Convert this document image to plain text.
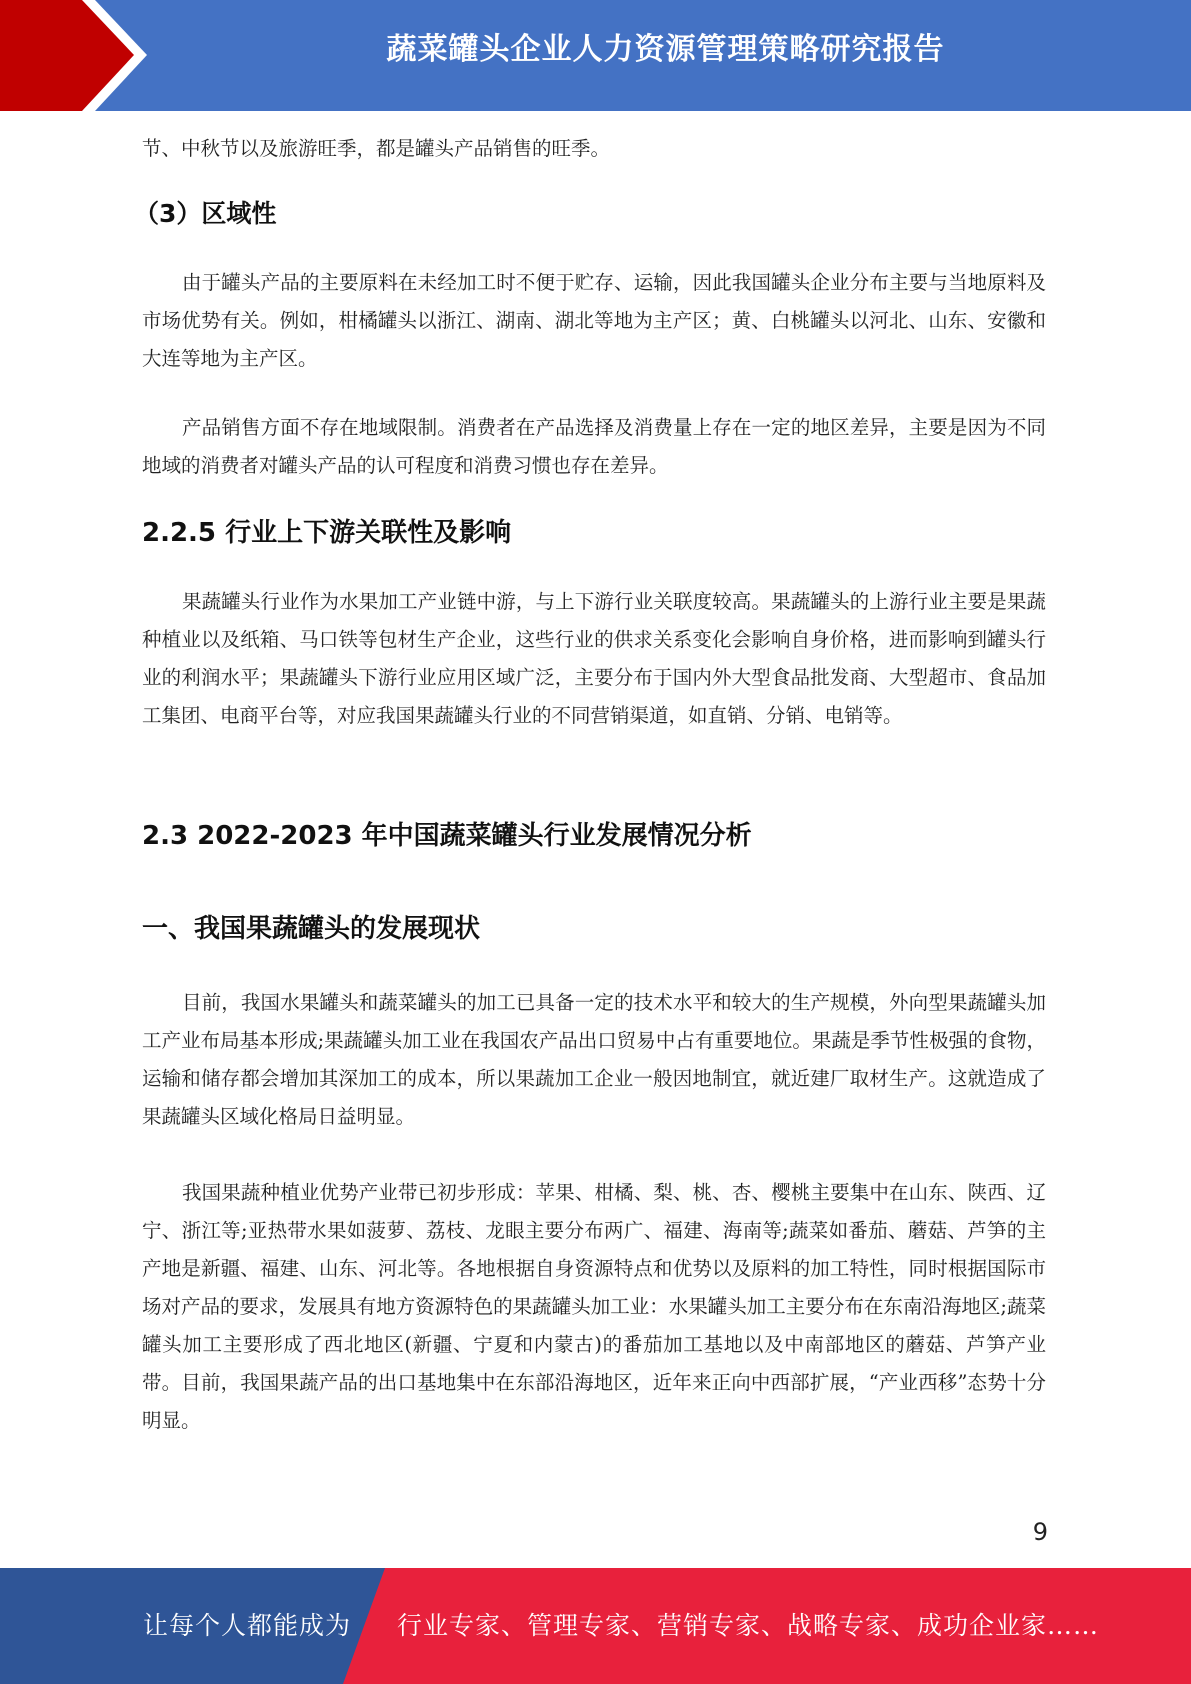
蔬菜罐头企业人力资源管理策略研究报告

节、中秋节以及旅游旺季，都是罐头产品销售的旺季。

（3）区域性

由于罐头产品的主要原料在未经加工时不便于贮存、运输，因此我国罐头企业分布主要与当地原料及市场优势有关。例如，柑橘罐头以浙江、湖南、湖北等地为主产区；黄、白桃罐头以河北、山东、安徽和大连等地为主产区。

产品销售方面不存在地域限制。消费者在产品选择及消费量上存在一定的地区差异，主要是因为不同地域的消费者对罐头产品的认可程度和消费习惯也存在差异。

2.2.5 行业上下游关联性及影响

果蔬罐头行业作为水果加工产业链中游，与上下游行业关联度较高。果蔬罐头的上游行业主要是果蔬种植业以及纸箱、马口铁等包材生产企业，这些行业的供求关系变化会影响自身价格，进而影响到罐头行业的利润水平；果蔬罐头下游行业应用区域广泛，主要分布于国内外大型食品批发商、大型超市、食品加工集团、电商平台等，对应我国果蔬罐头行业的不同营销渠道，如直销、分销、电销等。

2.3 2022-2023 年中国蔬菜罐头行业发展情况分析
一、我国果蔬罐头的发展现状

目前，我国水果罐头和蔬菜罐头的加工已具备一定的技术水平和较大的生产规模，外向型果蔬罐头加工产业布局基本形成;果蔬罐头加工业在我国农产品出口贸易中占有重要地位。果蔬是季节性极强的食物，运输和储存都会增加其深加工的成本，所以果蔬加工企业一般因地制宜，就近建厂取材生产。这就造成了果蔬罐头区域化格局日益明显。

我国果蔬种植业优势产业带已初步形成：苹果、柑橘、梨、桃、杏、樱桃主要集中在山东、陕西、辽宁、浙江等;亚热带水果如菠萝、荔枝、龙眼主要分布两广、福建、海南等;蔬菜如番茄、蘑菇、芦笋的主产地是新疆、福建、山东、河北等。各地根据自身资源特点和优势以及原料的加工特性，同时根据国际市场对产品的要求，发展具有地方资源特色的果蔬罐头加工业：水果罐头加工主要分布在东南沿海地区;蔬菜罐头加工主要形成了西北地区(新疆、宁夏和内蒙古)的番茄加工基地以及中南部地区的蘑菇、芦笋产业带。目前，我国果蔬产品的出口基地集中在东部沿海地区，近年来正向中西部扩展，“产业西移”态势十分明显。

9
让每个人都能成为 行业专家、管理专家、营销专家、战略专家、成功企业家……
